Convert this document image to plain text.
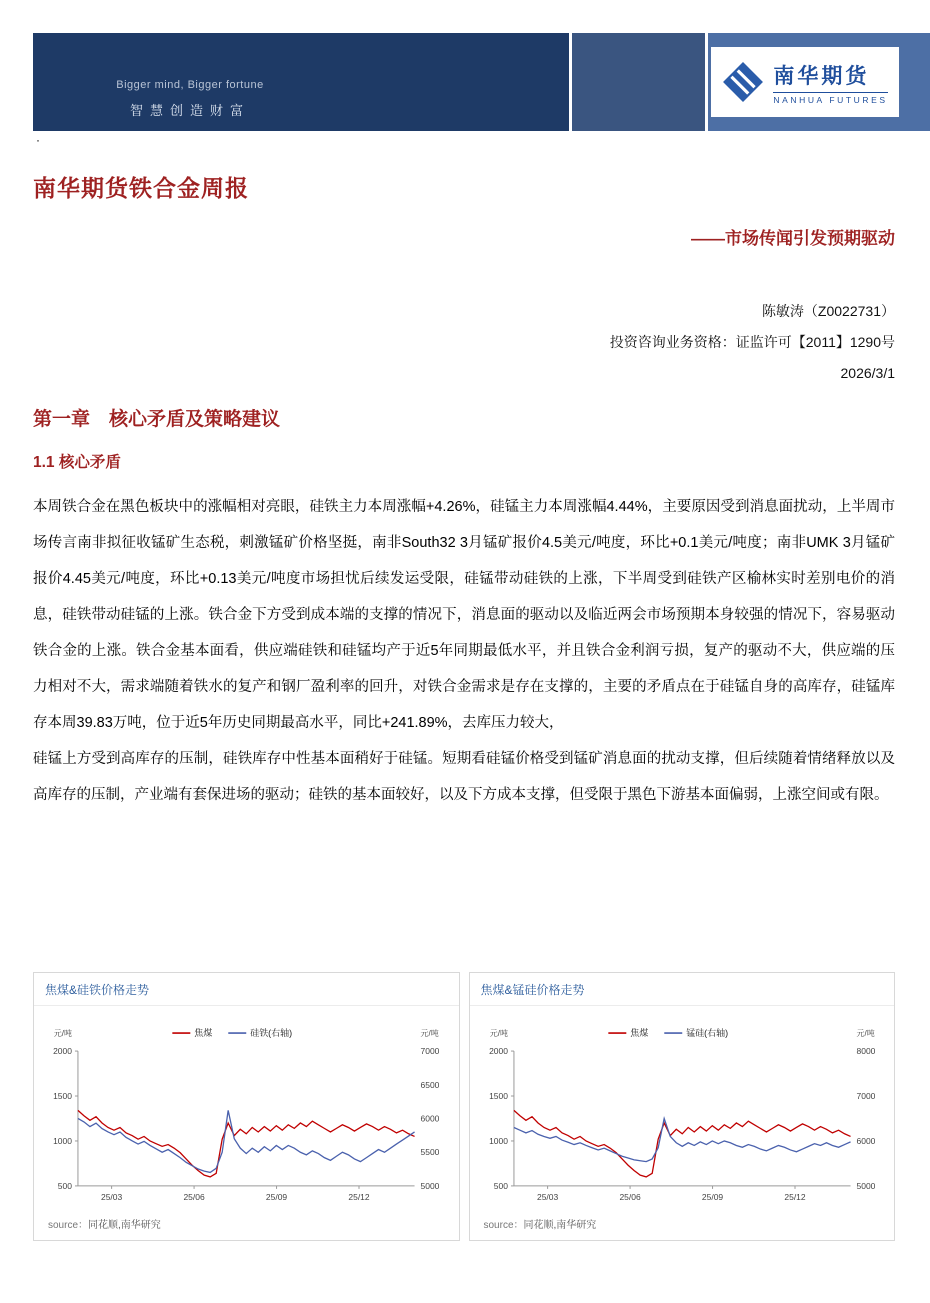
Bigger mind, Bigger fortune
智慧创造财富
南华期货
NANHUA FUTURES
·
南华期货铁合金周报
——市场传闻引发预期驱动
陈敏涛（Z0022731）
投资咨询业务资格：证监许可【2011】1290号
2026/3/1
第一章　核心矛盾及策略建议
1.1 核心矛盾

本周铁合金在黑色板块中的涨幅相对亮眼，硅铁主力本周涨幅+4.26%，硅锰主力本周涨幅4.44%，主要原因受到消息面扰动，上半周市场传言南非拟征收锰矿生态税，刺激锰矿价格坚挺，南非South32 3月锰矿报价4.5美元/吨度，环比+0.1美元/吨度；南非UMK 3月锰矿报价4.45美元/吨度，环比+0.13美元/吨度市场担忧后续发运受限，硅锰带动硅铁的上涨，下半周受到硅铁产区榆林实时差别电价的消息，硅铁带动硅锰的上涨。铁合金下方受到成本端的支撑的情况下，消息面的驱动以及临近两会市场预期本身较强的情况下，容易驱动铁合金的上涨。铁合金基本面看，供应端硅铁和硅锰均产于近5年同期最低水平，并且铁合金利润亏损，复产的驱动不大，供应端的压力相对不大，需求端随着铁水的复产和钢厂盈利率的回升，对铁合金需求是存在支撑的，主要的矛盾点在于硅锰自身的高库存，硅锰库存本周39.83万吨，位于近5年历史同期最高水平，同比+241.89%，去库压力较大，

硅锰上方受到高库存的压制，硅铁库存中性基本面稍好于硅锰。短期看硅锰价格受到锰矿消息面的扰动支撑，但后续随着情绪释放以及高库存的压制，产业端有套保进场的驱动；硅铁的基本面较好，以及下方成本支撑，但受限于黑色下游基本面偏弱，上涨空间或有限。

焦煤&硅铁价格走势
2000
1500
1000
500
7000
6500
6000
5500
5000
25/03	25/06	25/09	25/12
元/吨	元/吨
焦煤	硅铁(右轴)
source：同花顺,南华研究
焦煤&锰硅价格走势
2000
1500
1000
500
8000
7000
6000
5000
25/03	25/06	25/09	25/12
元/吨	元/吨
焦煤	锰硅(右轴)
source：同花顺,南华研究
